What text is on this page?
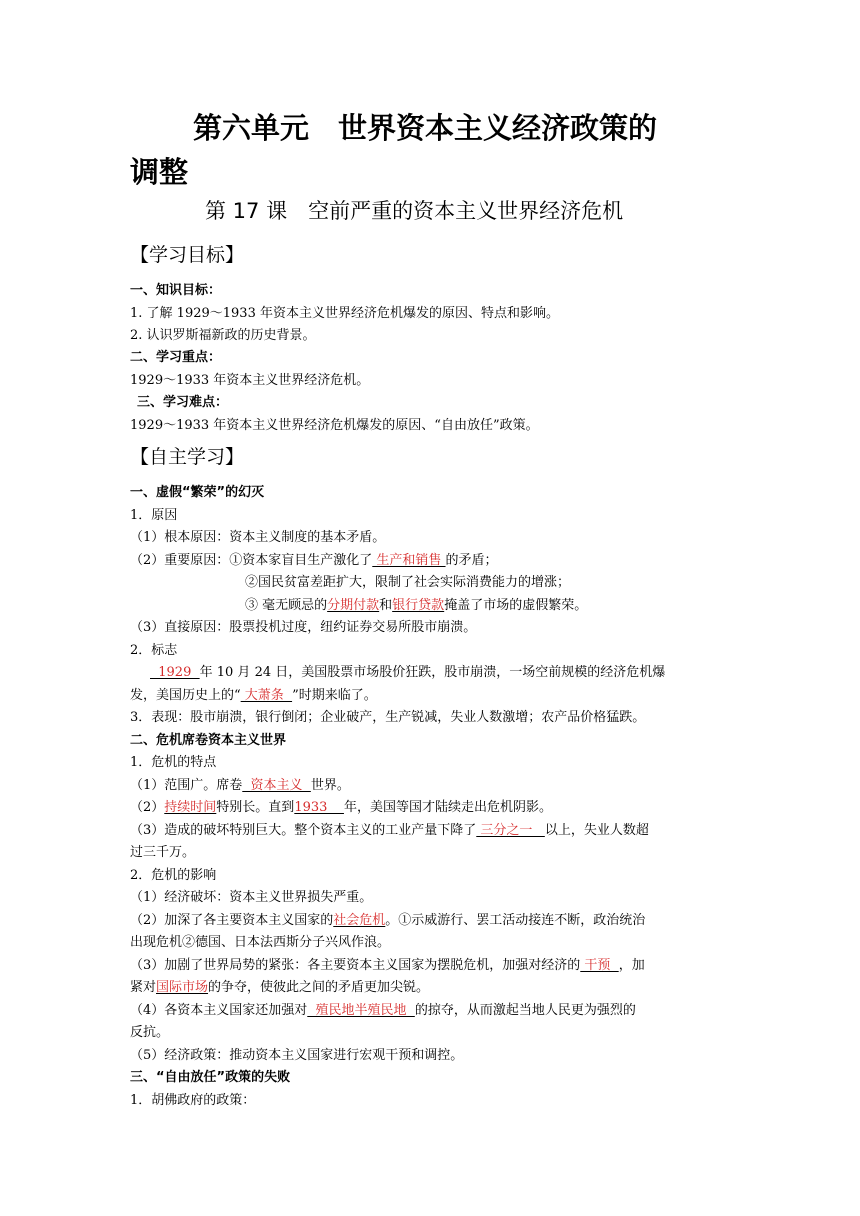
第六单元　世界资本主义经济政策的
调整
第 17 课　空前严重的资本主义世界经济危机
【学习目标】
一、知识目标：
1. 了解 1929～1933 年资本主义世界经济危机爆发的原因、特点和影响。
2. 认识罗斯福新政的历史背景。
二、学习重点：
1929～1933 年资本主义世界经济危机。
三、学习难点：
1929～1933 年资本主义世界经济危机爆发的原因、“自由放任”政策。
【自主学习】
一、虚假“繁荣”的幻灭
1．原因
（1）根本原因：资本主义制度的基本矛盾。
（2）重要原因：①资本家盲目生产激化了 生产和销售 的矛盾；
②国民贫富差距扩大，限制了社会实际消费能力的增涨；
③ 毫无顾忌的分期付款和银行贷款掩盖了市场的虚假繁荣。
（3）直接原因：股票投机过度，纽约证券交易所股市崩溃。
2．标志
1929  年 10 月 24 日，美国股票市场股价狂跌，股市崩溃，一场空前规模的经济危机爆
发，美国历史上的“ 大萧条  ”时期来临了。
3．表现：股市崩溃，银行倒闭；企业破产，生产锐减，失业人数激增；农产品价格猛跌。
二、危机席卷资本主义世界
1．危机的特点
（1）范围广。席卷  资本主义  世界。
（2）持续时间特别长。直到1933    年，美国等国才陆续走出危机阴影。
（3）造成的破坏特别巨大。整个资本主义的工业产量下降了 三分之一   以上，失业人数超
过三千万。
2．危机的影响
（1）经济破坏：资本主义世界损失严重。
（2）加深了各主要资本主义国家的社会危机。①示威游行、罢工活动接连不断，政治统治
出现危机②德国、日本法西斯分子兴风作浪。
（3）加剧了世界局势的紧张：各主要资本主义国家为摆脱危机，加强对经济的 干预  ，加
紧对国际市场的争夺，使彼此之间的矛盾更加尖锐。
（4）各资本主义国家还加强对  殖民地半殖民地  的掠夺，从而激起当地人民更为强烈的
反抗。
（5）经济政策：推动资本主义国家进行宏观干预和调控。
三、“自由放任”政策的失败
1．胡佛政府的政策：
